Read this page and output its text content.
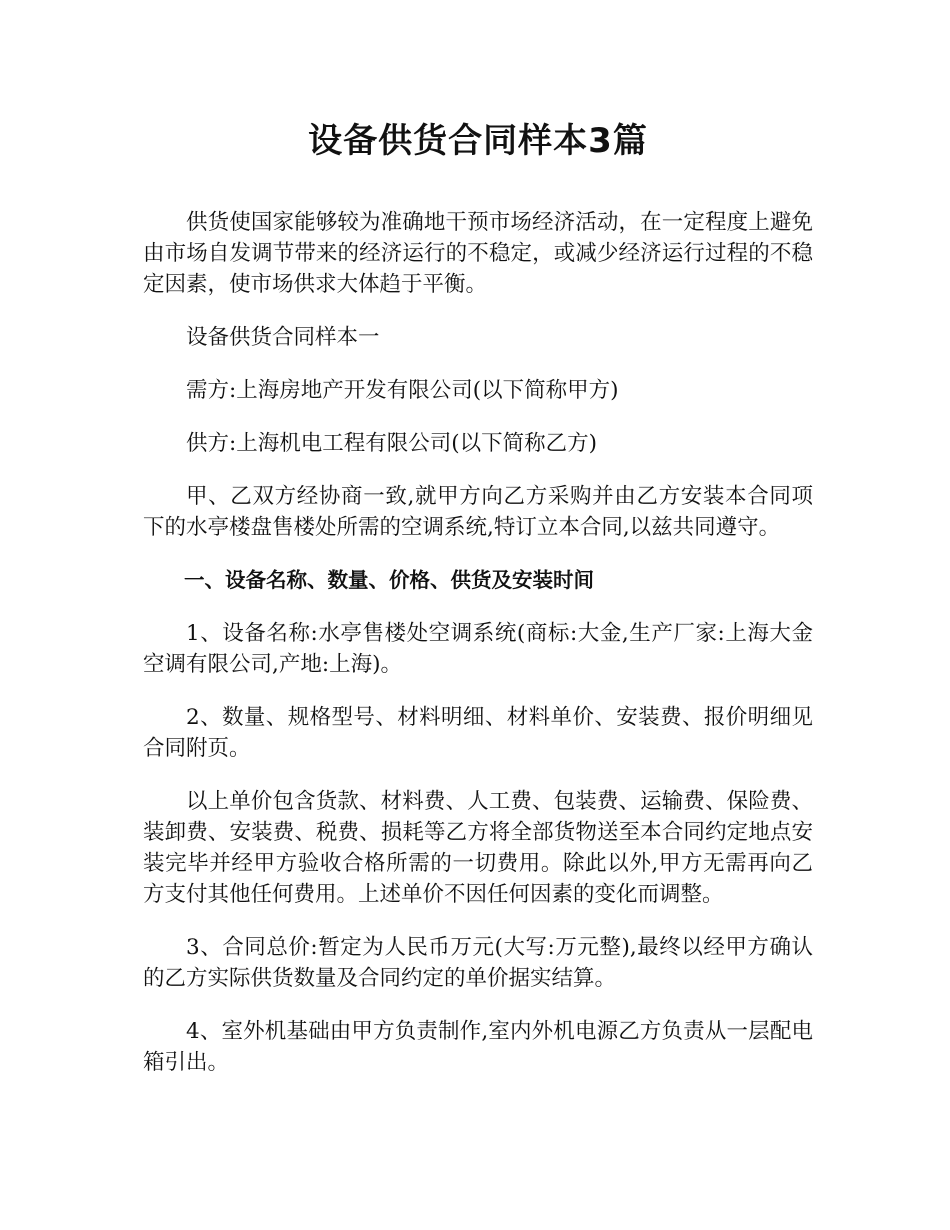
设备供货合同样本3篇

供货使国家能够较为准确地干预市场经济活动，在一定程度上避免由市场自发调节带来的经济运行的不稳定，或减少经济运行过程的不稳定因素，使市场供求大体趋于平衡。

设备供货合同样本一

需方:上海房地产开发有限公司(以下简称甲方)

供方:上海机电工程有限公司(以下简称乙方)

甲、乙双方经协商一致,就甲方向乙方采购并由乙方安装本合同项下的水亭楼盘售楼处所需的空调系统,特订立本合同,以兹共同遵守。

一、设备名称、数量、价格、供货及安装时间

1、设备名称:水亭售楼处空调系统(商标:大金,生产厂家:上海大金空调有限公司,产地:上海)。

2、数量、规格型号、材料明细、材料单价、安装费、报价明细见合同附页。

以上单价包含货款、材料费、人工费、包装费、运输费、保险费、装卸费、安装费、税费、损耗等乙方将全部货物送至本合同约定地点安装完毕并经甲方验收合格所需的一切费用。除此以外,甲方无需再向乙方支付其他任何费用。上述单价不因任何因素的变化而调整。

3、合同总价:暂定为人民币万元(大写:万元整),最终以经甲方确认的乙方实际供货数量及合同约定的单价据实结算。

4、室外机基础由甲方负责制作,室内外机电源乙方负责从一层配电箱引出。
